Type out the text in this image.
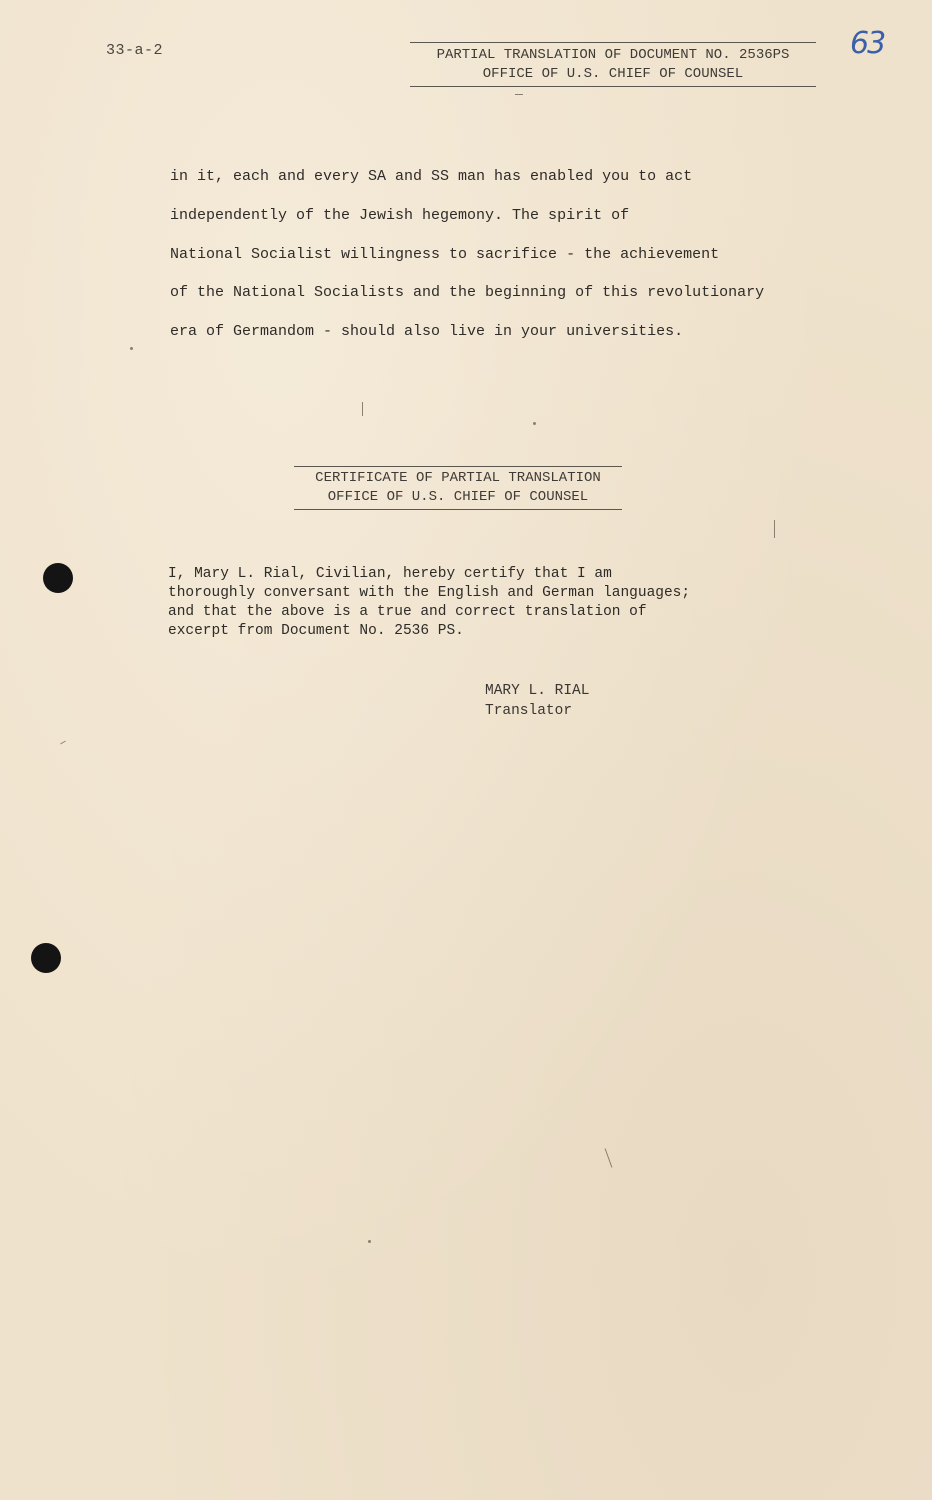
33-a-2	PARTIAL TRANSLATION OF DOCUMENT NO. 2536PS
OFFICE OF U.S. CHIEF OF COUNSEL
63

in it, each and every SA and SS man has enabled you to act

independently of the Jewish hegemony. The spirit of

National Socialist willingness to sacrifice - the achievement

of the National Socialists and the beginning of this revolutionary

era of Germandom - should also live in your universities.

CERTIFICATE OF PARTIAL TRANSLATION
OFFICE OF U.S. CHIEF OF COUNSEL

I, Mary L. Rial, Civilian, hereby certify that I am

thoroughly conversant with the English and German languages;

and that the above is a true and correct translation of

excerpt from Document No. 2536 PS.

MARY L. RIAL

Translator
